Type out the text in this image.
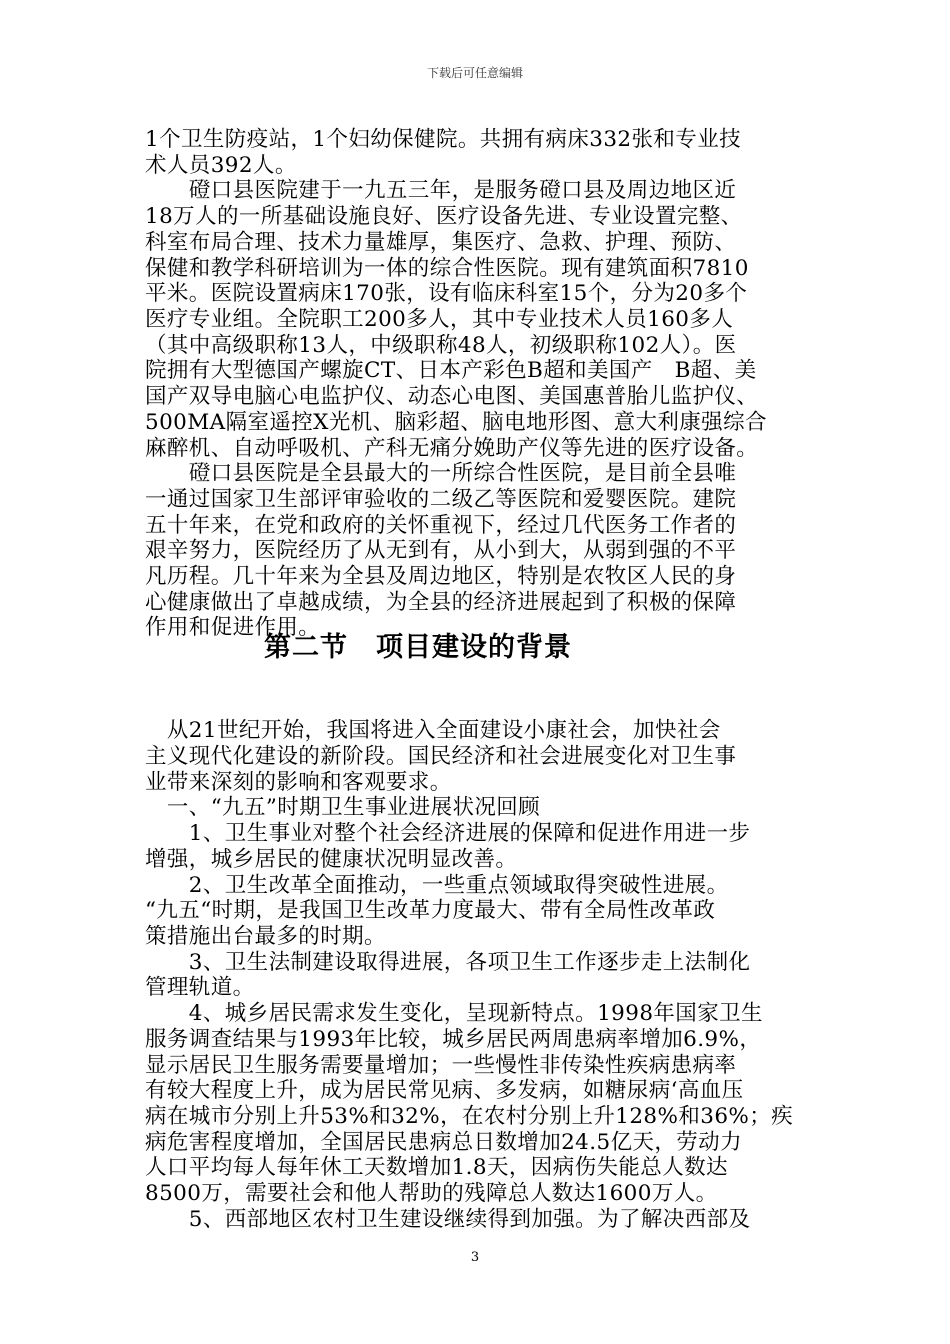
下载后可任意编辑
1个卫生防疫站，1个妇幼保健院。共拥有病床332张和专业技
术人员392人。
　　磴口县医院建于一九五三年，是服务磴口县及周边地区近
18万人的一所基础设施良好、医疗设备先进、专业设置完整、
科室布局合理、技术力量雄厚，集医疗、急救、护理、预防、
保健和教学科研培训为一体的综合性医院。现有建筑面积7810
平米。医院设置病床170张，设有临床科室15个，分为20多个
医疗专业组。全院职工200多人，其中专业技术人员160多人
（其中高级职称13人，中级职称48人，初级职称102人）。医
院拥有大型德国产螺旋CT、日本产彩色B超和美国产　B超、美
国产双导电脑心电监护仪、动态心电图、美国惠普胎儿监护仪、
500MA隔室遥控X光机、脑彩超、脑电地形图、意大利康强综合
麻醉机、自动呼吸机、产科无痛分娩助产仪等先进的医疗设备。
　　磴口县医院是全县最大的一所综合性医院，是目前全县唯
一通过国家卫生部评审验收的二级乙等医院和爱婴医院。建院
五十年来，在党和政府的关怀重视下，经过几代医务工作者的
艰辛努力，医院经历了从无到有，从小到大，从弱到强的不平
凡历程。几十年来为全县及周边地区，特别是农牧区人民的身
心健康做出了卓越成绩，为全县的经济进展起到了积极的保障
作用和促进作用。
第二节　项目建设的背景
　从21世纪开始，我国将进入全面建设小康社会，加快社会
主义现代化建设的新阶段。国民经济和社会进展变化对卫生事
业带来深刻的影响和客观要求。
　一、“九五”时期卫生事业进展状况回顾
　　1、卫生事业对整个社会经济进展的保障和促进作用进一步
增强，城乡居民的健康状况明显改善。
　　2、卫生改革全面推动，一些重点领域取得突破性进展。
“九五“时期，是我国卫生改革力度最大、带有全局性改革政
策措施出台最多的时期。
　　3、卫生法制建设取得进展，各项卫生工作逐步走上法制化
管理轨道。
　　4、城乡居民需求发生变化，呈现新特点。1998年国家卫生
服务调查结果与1993年比较，城乡居民两周患病率增加6.9%，
显示居民卫生服务需要量增加；一些慢性非传染性疾病患病率
有较大程度上升，成为居民常见病、多发病，如糖尿病‘高血压
病在城市分别上升53%和32%，在农村分别上升128%和36%；疾
病危害程度增加，全国居民患病总日数增加24.5亿天，劳动力
人口平均每人每年休工天数增加1.8天，因病伤失能总人数达
8500万，需要社会和他人帮助的残障总人数达1600万人。
　　5、西部地区农村卫生建设继续得到加强。为了解决西部及
3
